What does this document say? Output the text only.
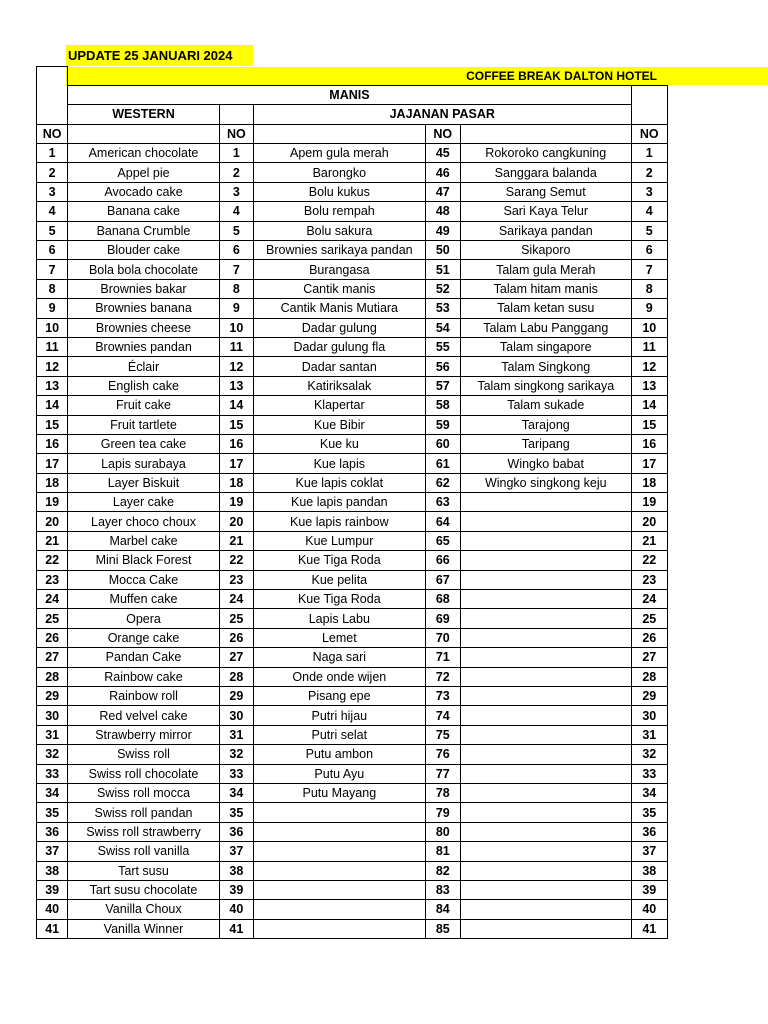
UPDATE 25 JANUARI 2024
COFFEE BREAK DALTON HOTEL

	MANIS					
	WESTERN		JAJANAN PASAR			
NO		NO		NO		NO
1	American chocolate	1	Apem gula merah	45	Rokoroko cangkuning	1
2	Appel pie	2	Barongko	46	Sanggara balanda	2
3	Avocado cake	3	Bolu kukus	47	Sarang Semut	3
4	Banana cake	4	Bolu rempah	48	Sari Kaya Telur	4
5	Banana Crumble	5	Bolu sakura	49	Sarikaya pandan	5
6	Blouder cake	6	Brownies sarikaya pandan	50	Sikaporo	6
7	Bola bola chocolate	7	Burangasa	51	Talam gula Merah	7
8	Brownies bakar	8	Cantik manis	52	Talam hitam manis	8
9	Brownies banana	9	Cantik Manis Mutiara	53	Talam ketan susu	9
10	Brownies cheese	10	Dadar gulung	54	Talam Labu Panggang	10
11	Brownies pandan	11	Dadar gulung fla	55	Talam singapore	11
12	Éclair	12	Dadar santan	56	Talam Singkong	12
13	English cake	13	Katiriksalak	57	Talam singkong sarikaya	13
14	Fruit cake	14	Klapertar	58	Talam sukade	14
15	Fruit tartlete	15	Kue Bibir	59	Tarajong	15
16	Green tea cake	16	Kue ku	60	Taripang	16
17	Lapis surabaya	17	Kue lapis	61	Wingko babat	17
18	Layer Biskuit	18	Kue lapis coklat	62	Wingko singkong keju	18
19	Layer cake	19	Kue lapis pandan	63		19
20	Layer choco choux	20	Kue lapis rainbow	64		20
21	Marbel cake	21	Kue Lumpur	65		21
22	Mini Black Forest	22	Kue Tiga Roda	66		22
23	Mocca Cake	23	Kue pelita	67		23
24	Muffen cake	24	Kue Tiga Roda	68		24
25	Opera	25	Lapis Labu	69		25
26	Orange cake	26	Lemet	70		26
27	Pandan Cake	27	Naga sari	71		27
28	Rainbow cake	28	Onde onde wijen	72		28
29	Rainbow roll	29	Pisang epe	73		29
30	Red velvel cake	30	Putri hijau	74		30
31	Strawberry mirror	31	Putri selat	75		31
32	Swiss roll	32	Putu ambon	76		32
33	Swiss roll chocolate	33	Putu Ayu	77		33
34	Swiss roll mocca	34	Putu Mayang	78		34
35	Swiss roll pandan	35		79		35
36	Swiss roll strawberry	36		80		36
37	Swiss roll vanilla	37		81		37
38	Tart susu	38		82		38
39	Tart susu chocolate	39		83		39
40	Vanilla Choux	40		84		40
41	Vanilla Winner	41		85		41
